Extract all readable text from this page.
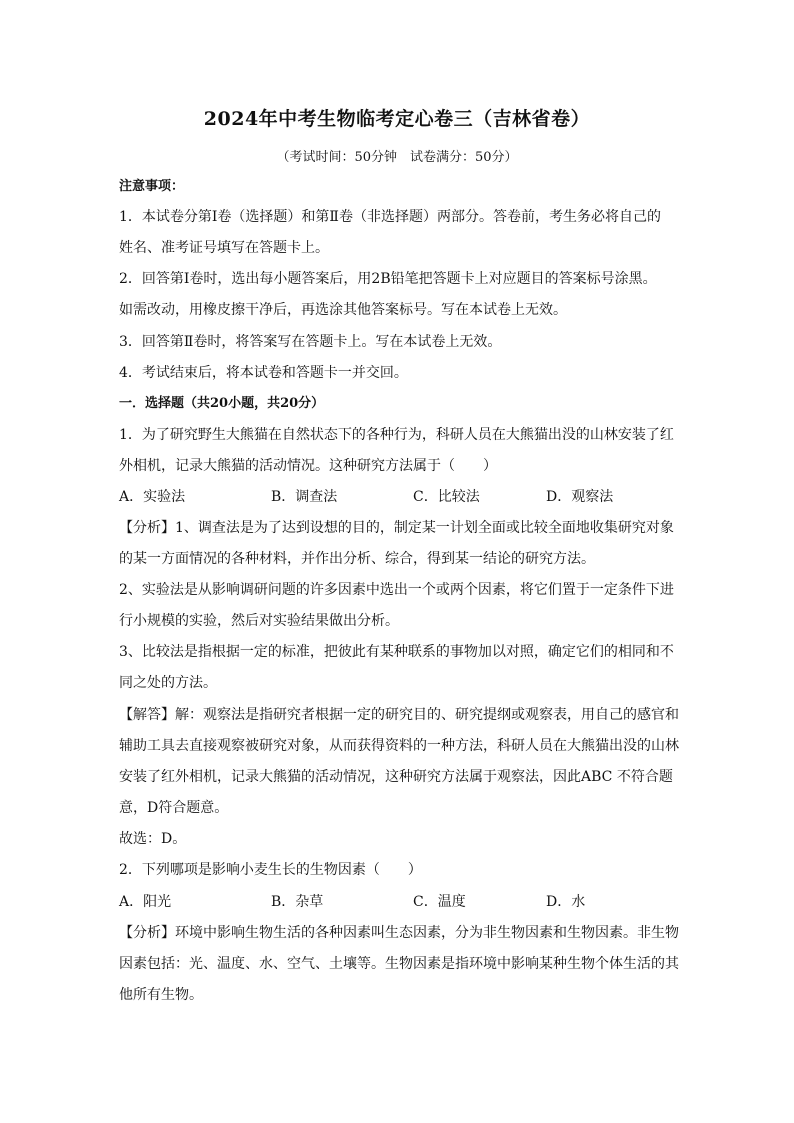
2024年中考生物临考定心卷三（吉林省卷）
（考试时间：50分钟　试卷满分：50分）
注意事项：
1．本试卷分第Ⅰ卷（选择题）和第Ⅱ卷（非选择题）两部分。答卷前，考生务必将自己的
姓名、准考证号填写在答题卡上。
2．回答第Ⅰ卷时，选出每小题答案后，用2B铅笔把答题卡上对应题目的答案标号涂黑。
如需改动，用橡皮擦干净后，再选涂其他答案标号。写在本试卷上无效。
3．回答第Ⅱ卷时，将答案写在答题卡上。写在本试卷上无效。
4．考试结束后，将本试卷和答题卡一并交回。
一．选择题（共20小题，共20分）
1．为了研究野生大熊猫在自然状态下的各种行为，科研人员在大熊猫出没的山林安装了红
外相机，记录大熊猫的活动情况。这种研究方法属于（　　）
A．实验法	B．调查法	C．比较法	D．观察法
【分析】1、调查法是为了达到设想的目的，制定某一计划全面或比较全面地收集研究对象
的某一方面情况的各种材料，并作出分析、综合，得到某一结论的研究方法。
2、实验法是从影响调研问题的许多因素中选出一个或两个因素，将它们置于一定条件下进
行小规模的实验，然后对实验结果做出分析。
3、比较法是指根据一定的标准，把彼此有某种联系的事物加以对照，确定它们的相同和不
同之处的方法。
【解答】解：观察法是指研究者根据一定的研究目的、研究提纲或观察表，用自己的感官和
辅助工具去直接观察被研究对象，从而获得资料的一种方法，科研人员在大熊猫出没的山林
安装了红外相机，记录大熊猫的活动情况，这种研究方法属于观察法，因此ABC 不符合题
意，D符合题意。
故选：D。
2．下列哪项是影响小麦生长的生物因素（　　）
A．阳光	B．杂草	C．温度	D．水
【分析】环境中影响生物生活的各种因素叫生态因素，分为非生物因素和生物因素。非生物
因素包括：光、温度、水、空气、土壤等。生物因素是指环境中影响某种生物个体生活的其
他所有生物。
